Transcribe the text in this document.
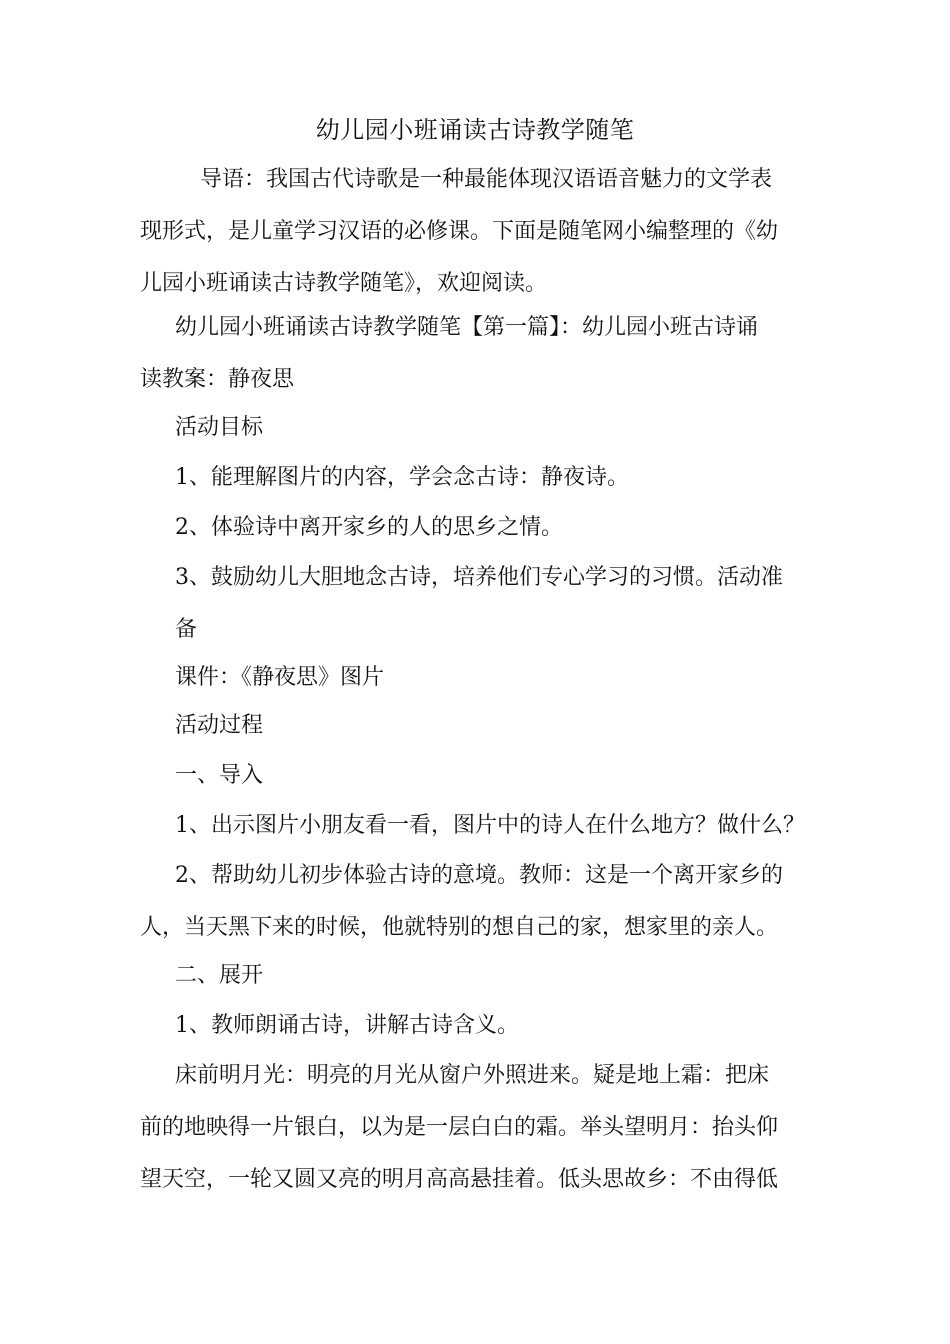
幼儿园小班诵读古诗教学随笔
导语：我国古代诗歌是一种最能体现汉语语音魅力的文学表
现形式，是儿童学习汉语的必修课。下面是随笔网小编整理的《幼
儿园小班诵读古诗教学随笔》，欢迎阅读。
幼儿园小班诵读古诗教学随笔【第一篇】：幼儿园小班古诗诵
读教案：静夜思
活动目标
1、能理解图片的内容，学会念古诗：静夜诗。
2、体验诗中离开家乡的人的思乡之情。
3、鼓励幼儿大胆地念古诗，培养他们专心学习的习惯。活动准
备
课件：《静夜思》图片
活动过程
一、导入
1、出示图片小朋友看一看，图片中的诗人在什么地方？做什么？
2、帮助幼儿初步体验古诗的意境。教师：这是一个离开家乡的
人，当天黑下来的时候，他就特别的想自己的家，想家里的亲人。
二、展开
1、教师朗诵古诗，讲解古诗含义。
床前明月光：明亮的月光从窗户外照进来。疑是地上霜：把床
前的地映得一片银白，以为是一层白白的霜。举头望明月：抬头仰
望天空，一轮又圆又亮的明月高高悬挂着。低头思故乡：不由得低
